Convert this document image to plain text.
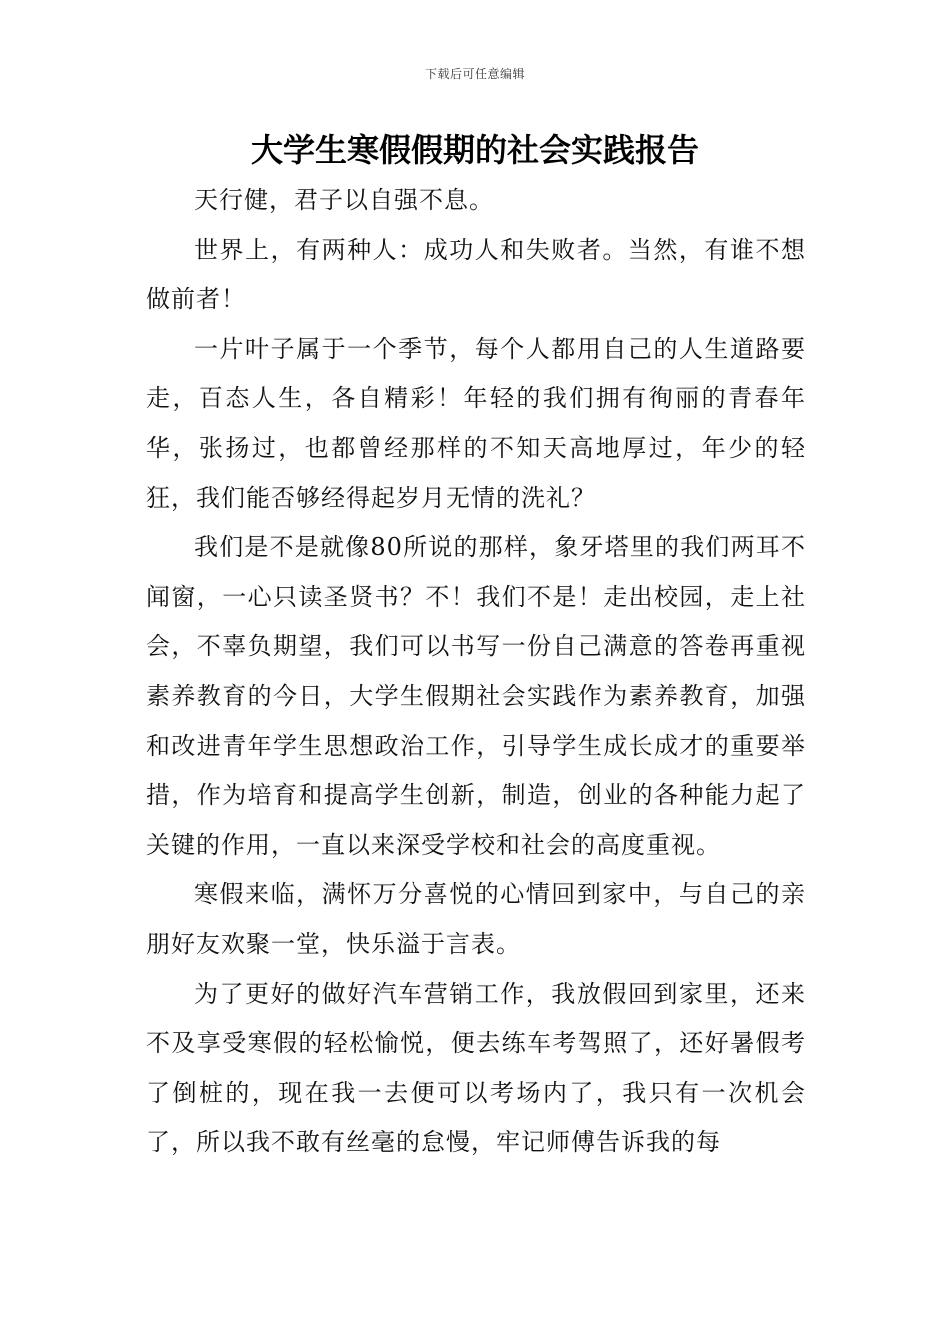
下载后可任意编辑
大学生寒假假期的社会实践报告

天行健，君子以自强不息。

世界上，有两种人：成功人和失败者。当然，有谁不想做前者！

一片叶子属于一个季节，每个人都用自己的人生道路要走，百态人生，各自精彩！年轻的我们拥有徇丽的青春年华，张扬过，也都曾经那样的不知天高地厚过，年少的轻狂，我们能否够经得起岁月无情的洗礼？

我们是不是就像80所说的那样，象牙塔里的我们两耳不闻窗，一心只读圣贤书？不！我们不是！走出校园，走上社会，不辜负期望，我们可以书写一份自己满意的答卷再重视素养教育的今日，大学生假期社会实践作为素养教育，加强和改进青年学生思想政治工作，引导学生成长成才的重要举措，作为培育和提高学生创新，制造，创业的各种能力起了关键的作用，一直以来深受学校和社会的高度重视。

寒假来临，满怀万分喜悦的心情回到家中，与自己的亲朋好友欢聚一堂，快乐溢于言表。

为了更好的做好汽车营销工作，我放假回到家里，还来不及享受寒假的轻松愉悦，便去练车考驾照了，还好暑假考了倒桩的，现在我一去便可以考场内了，我只有一次机会了，所以我不敢有丝毫的怠慢，牢记师傅告诉我的每
